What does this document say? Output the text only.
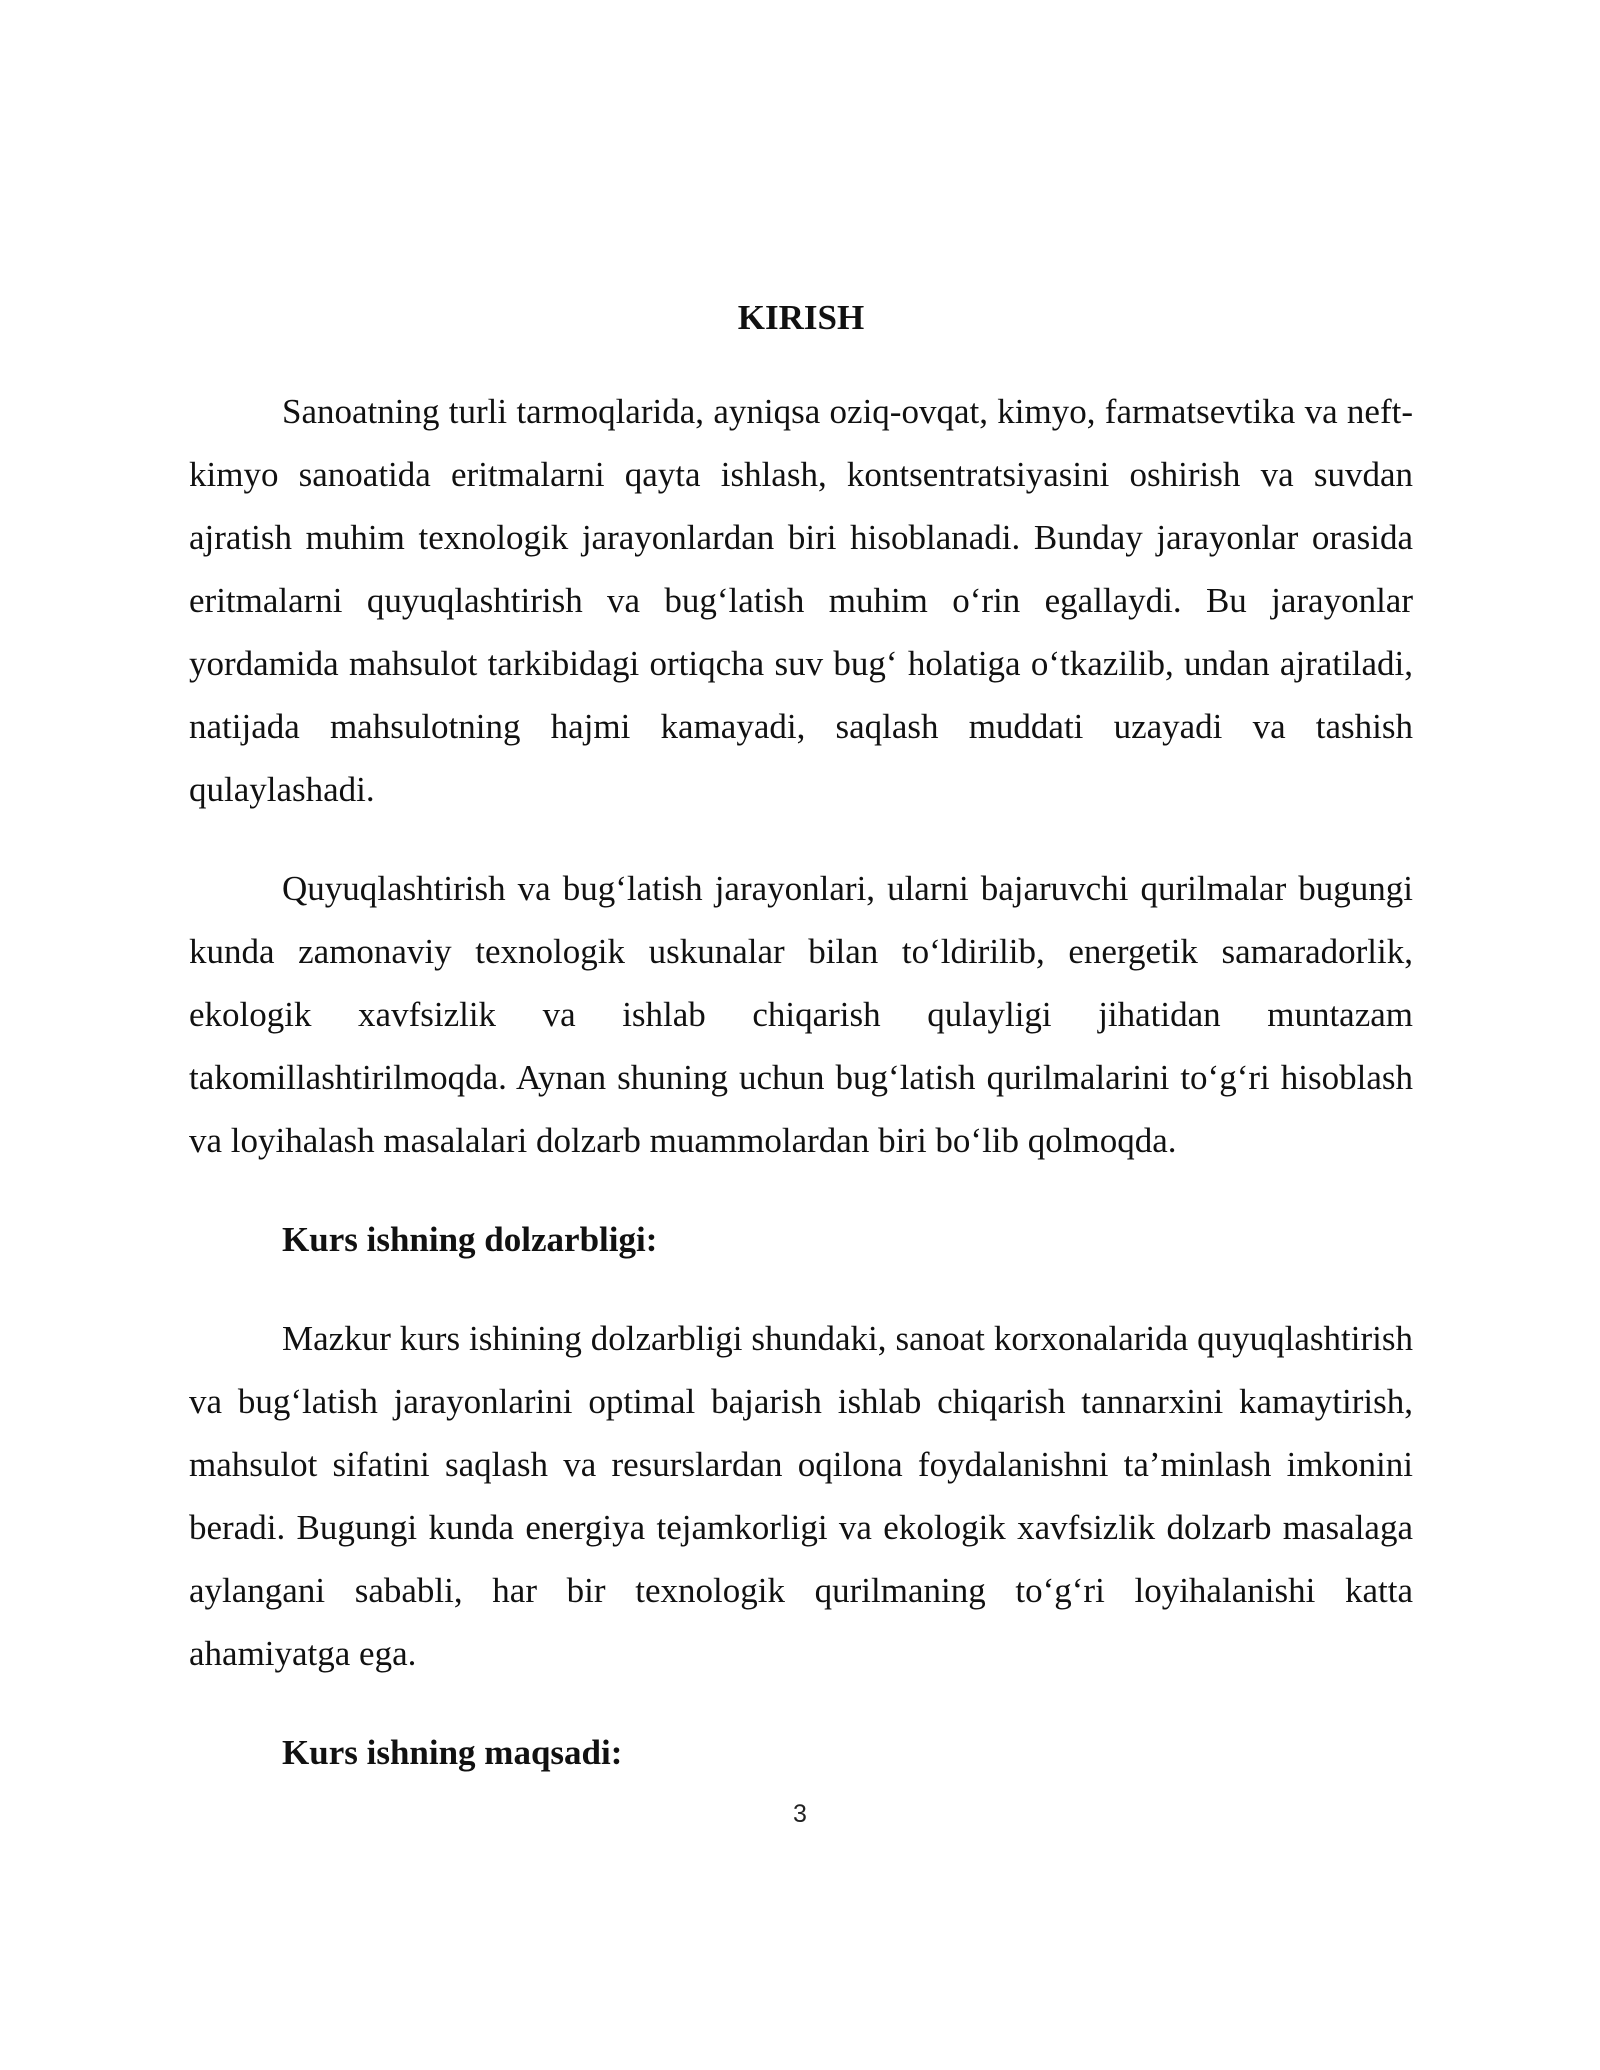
KIRISH

Sanoatning turli tarmoqlarida, ayniqsa oziq-ovqat, kimyo, farmatsevtika va neft-kimyo sanoatida eritmalarni qayta ishlash, kontsentratsiyasini oshirish va suvdan ajratish muhim texnologik jarayonlardan biri hisoblanadi. Bunday jarayonlar orasida eritmalarni quyuqlashtirish va bug‘latish muhim o‘rin egallaydi. Bu jarayonlar yordamida mahsulot tarkibidagi ortiqcha suv bug‘ holatiga o‘tkazilib, undan ajratiladi, natijada mahsulotning hajmi kamayadi, saqlash muddati uzayadi va tashish qulaylashadi.

Quyuqlashtirish va bug‘latish jarayonlari, ularni bajaruvchi qurilmalar bugungi kunda zamonaviy texnologik uskunalar bilan to‘ldirilib, energetik samaradorlik, ekologik xavfsizlik va ishlab chiqarish qulayligi jihatidan muntazam takomillashtirilmoqda. Aynan shuning uchun bug‘latish qurilmalarini to‘g‘ri hisoblash va loyihalash masalalari dolzarb muammolardan biri bo‘lib qolmoqda.

Kurs ishning dolzarbligi:

Mazkur kurs ishining dolzarbligi shundaki, sanoat korxonalarida quyuqlashtirish va bug‘latish jarayonlarini optimal bajarish ishlab chiqarish tannarxini kamaytirish, mahsulot sifatini saqlash va resurslardan oqilona foydalanishni ta’minlash imkonini beradi. Bugungi kunda energiya tejamkorligi va ekologik xavfsizlik dolzarb masalaga aylangani sababli, har bir texnologik qurilmaning to‘g‘ri loyihalanishi katta ahamiyatga ega.

Kurs ishning maqsadi:
3
